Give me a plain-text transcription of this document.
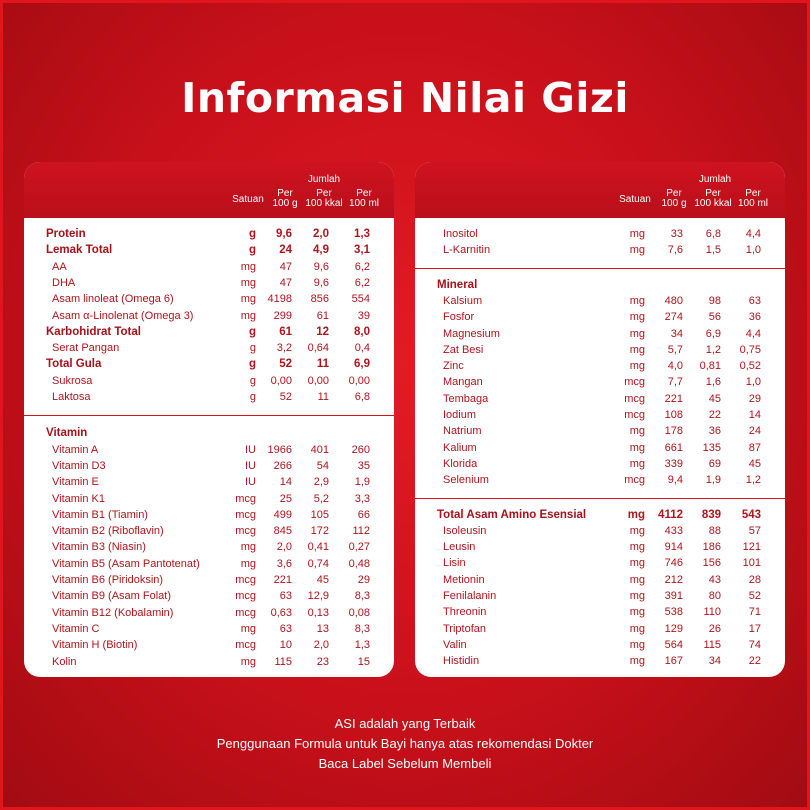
Informasi Nilai Gizi
Satuan
Jumlah
Per
100 g
Per
100 kkal
Per
100 ml
Protein	g	9,6	2,0	1,3
Lemak Total	g	24	4,9	3,1
AA	mg	47	9,6	6,2
DHA	mg	47	9,6	6,2
Asam linoleat (Omega 6)	mg	4198	856	554
Asam α-Linolenat (Omega 3)	mg	299	61	39
Karbohidrat Total	g	61	12	8,0
Serat Pangan	g	3,2	0,64	0,4
Total Gula	g	52	11	6,9
Sukrosa	g	0,00	0,00	0,00
Laktosa	g	52	11	6,8
Vitamin
Vitamin A	IU	1966	401	260
Vitamin D3	IU	266	54	35
Vitamin E	IU	14	2,9	1,9
Vitamin K1	mcg	25	5,2	3,3
Vitamin B1 (Tiamin)	mcg	499	105	66
Vitamin B2 (Riboflavin)	mcg	845	172	112
Vitamin B3 (Niasin)	mg	2,0	0,41	0,27
Vitamin B5 (Asam Pantotenat)	mg	3,6	0,74	0,48
Vitamin B6 (Piridoksin)	mcg	221	45	29
Vitamin B9 (Asam Folat)	mcg	63	12,9	8,3
Vitamin B12 (Kobalamin)	mcg	0,63	0,13	0,08
Vitamin C	mg	63	13	8,3
Vitamin H (Biotin)	mcg	10	2,0	1,3
Kolin	mg	115	23	15
Satuan
Jumlah
Per
100 g
Per
100 kkal
Per
100 ml
Inositol	mg	33	6,8	4,4
L-Karnitin	mg	7,6	1,5	1,0
Mineral
Kalsium	mg	480	98	63
Fosfor	mg	274	56	36
Magnesium	mg	34	6,9	4,4
Zat Besi	mg	5,7	1,2	0,75
Zinc	mg	4,0	0,81	0,52
Mangan	mcg	7,7	1,6	1,0
Tembaga	mcg	221	45	29
Iodium	mcg	108	22	14
Natrium	mg	178	36	24
Kalium	mg	661	135	87
Klorida	mg	339	69	45
Selenium	mcg	9,4	1,9	1,2
Total Asam Amino Esensial	mg	4112	839	543
Isoleusin	mg	433	88	57
Leusin	mg	914	186	121
Lisin	mg	746	156	101
Metionin	mg	212	43	28
Fenilalanin	mg	391	80	52
Threonin	mg	538	110	71
Triptofan	mg	129	26	17
Valin	mg	564	115	74
Histidin	mg	167	34	22
ASI adalah yang Terbaik
Penggunaan Formula untuk Bayi hanya atas rekomendasi Dokter
Baca Label Sebelum Membeli
